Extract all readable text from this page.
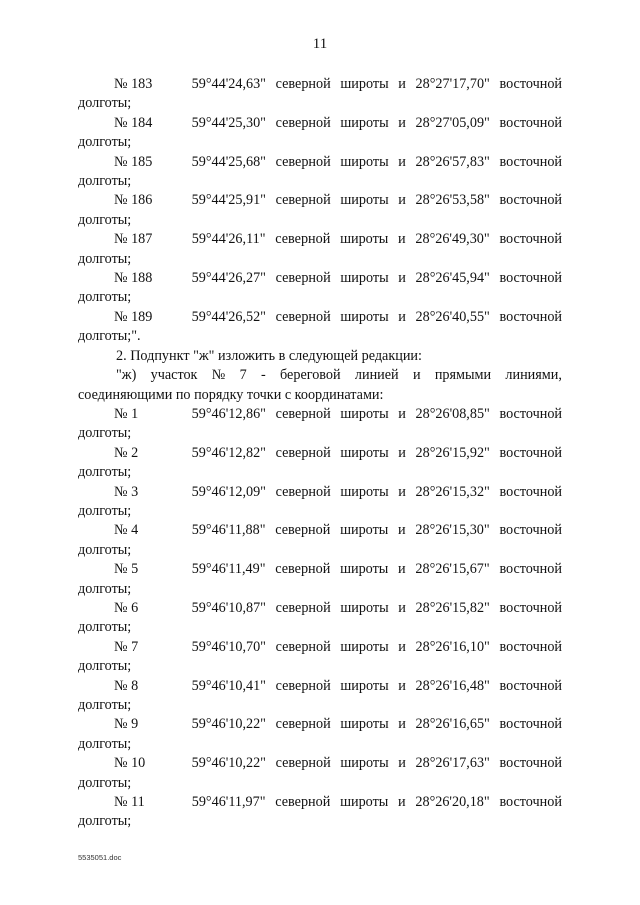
11
№ 183	59°44'24,63" северной широты и 28°27'17,70" восточной
долготы;
№ 184	59°44'25,30" северной широты и 28°27'05,09" восточной
долготы;
№ 185	59°44'25,68" северной широты и 28°26'57,83" восточной
долготы;
№ 186	59°44'25,91" северной широты и 28°26'53,58" восточной
долготы;
№ 187	59°44'26,11" северной широты и 28°26'49,30" восточной
долготы;
№ 188	59°44'26,27" северной широты и 28°26'45,94" восточной
долготы;
№ 189	59°44'26,52" северной широты и 28°26'40,55" восточной
долготы;".
2. Подпункт "ж" изложить в следующей редакции:
"ж) участок № 7 - береговой линией и прямыми линиями,
соединяющими по порядку точки с координатами:
№ 1	59°46'12,86" северной широты и 28°26'08,85" восточной
долготы;
№ 2	59°46'12,82" северной широты и 28°26'15,92" восточной
долготы;
№ 3	59°46'12,09" северной широты и 28°26'15,32" восточной
долготы;
№ 4	59°46'11,88" северной широты и 28°26'15,30" восточной
долготы;
№ 5	59°46'11,49" северной широты и 28°26'15,67" восточной
долготы;
№ 6	59°46'10,87" северной широты и 28°26'15,82" восточной
долготы;
№ 7	59°46'10,70" северной широты и 28°26'16,10" восточной
долготы;
№ 8	59°46'10,41" северной широты и 28°26'16,48" восточной
долготы;
№ 9	59°46'10,22" северной широты и 28°26'16,65" восточной
долготы;
№ 10	59°46'10,22" северной широты и 28°26'17,63" восточной
долготы;
№ 11	59°46'11,97" северной широты и 28°26'20,18" восточной
долготы;
5535051.doc
